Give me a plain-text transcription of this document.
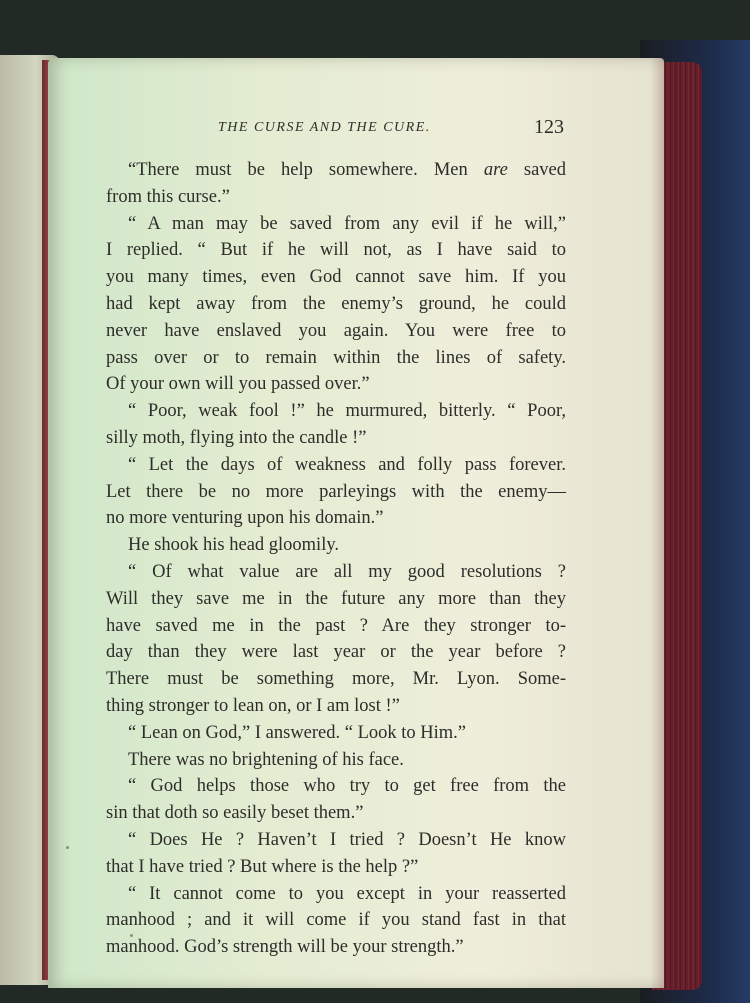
THE CURSE AND THE CURE.	123
“There must be help somewhere. Men are saved
from this curse.”
“ A man may be saved from any evil if he will,”
I replied. “ But if he will not, as I have said to
you many times, even God cannot save him. If you
had kept away from the enemy’s ground, he could
never have enslaved you again. You were free to
pass over or to remain within the lines of safety.
Of your own will you passed over.”
“ Poor, weak fool !” he murmured, bitterly. “ Poor,
silly moth, flying into the candle !”
“ Let the days of weakness and folly pass forever.
Let there be no more parleyings with the enemy—
no more venturing upon his domain.”
He shook his head gloomily.
“ Of what value are all my good resolutions ?
Will they save me in the future any more than they
have saved me in the past ? Are they stronger to-
day than they were last year or the year before ?
There must be something more, Mr. Lyon. Some-
thing stronger to lean on, or I am lost !”
“ Lean on God,” I answered. “ Look to Him.”
There was no brightening of his face.
“ God helps those who try to get free from the
sin that doth so easily beset them.”
“ Does He ? Haven’t I tried ? Doesn’t He know
that I have tried ? But where is the help ?”
“ It cannot come to you except in your reasserted
manhood ; and it will come if you stand fast in that
manhood. God’s strength will be your strength.”
